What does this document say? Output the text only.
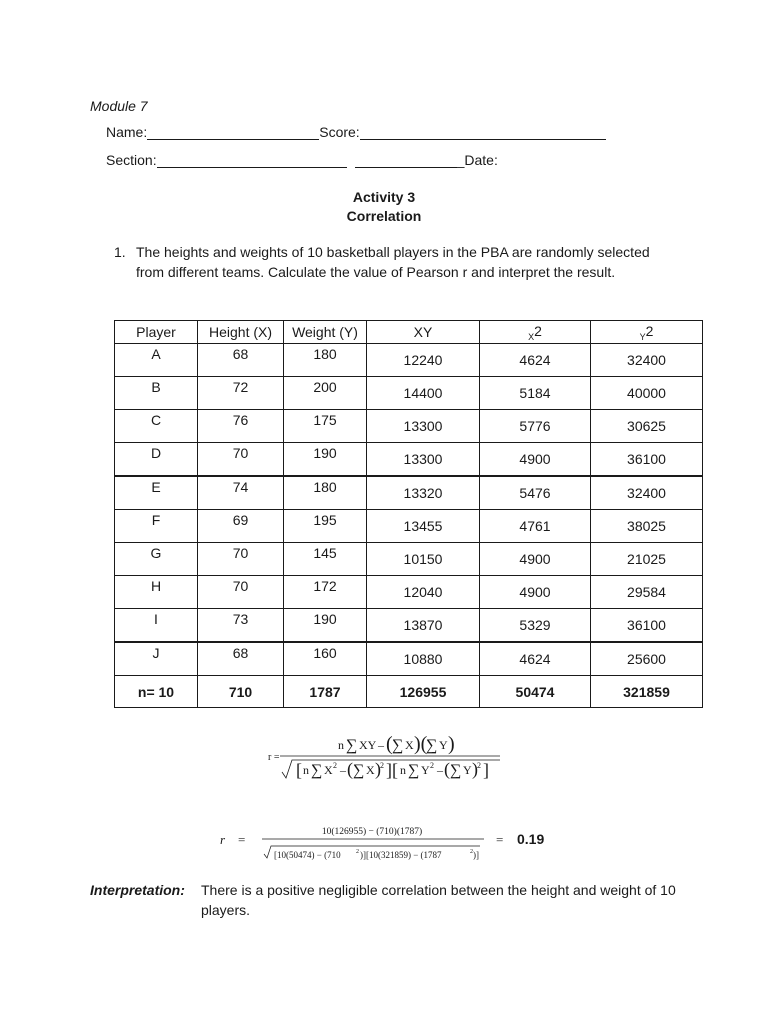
Module 7
Name:	Score:
Section:	_Date:
Activity 3
Correlation
1. The heights and weights of 10 basketball players in the PBA are randomly selected from different teams. Calculate the value of Pearson r and interpret the result.
Player	Height (X)	Weight (Y)	XY	$_X$2	$_Y$2
A	68	180	12240	4624	32400
B	72	200	14400	5184	40000
C	76	175	13300	5776	30625
D	70	190	13300	4900	36100
E	74	180	13320	5476	32400
F	69	195	13455	4761	38025
G	70	145	10150	4900	21025
H	70	172	12040	4900	29584
I	73	190	13870	5329	36100
J	68	160	10880	4624	25600
n= 10	710	1787	126955	50474	321859
r =
n ∑ XY – ( ∑ X )(
∑ Y )
[ n ∑ X 2 – ( ∑ X ) 2 ][ n ∑ Y 2 – ( ∑ Y ) 2 ]
r =	10(126955) − (710)(1787)
[10(50474) − (710	2 )][10(321859) − (1787	2 )]
= 0.19
Interpretation: There is a positive negligible correlation between the height and weight of 10 players.
